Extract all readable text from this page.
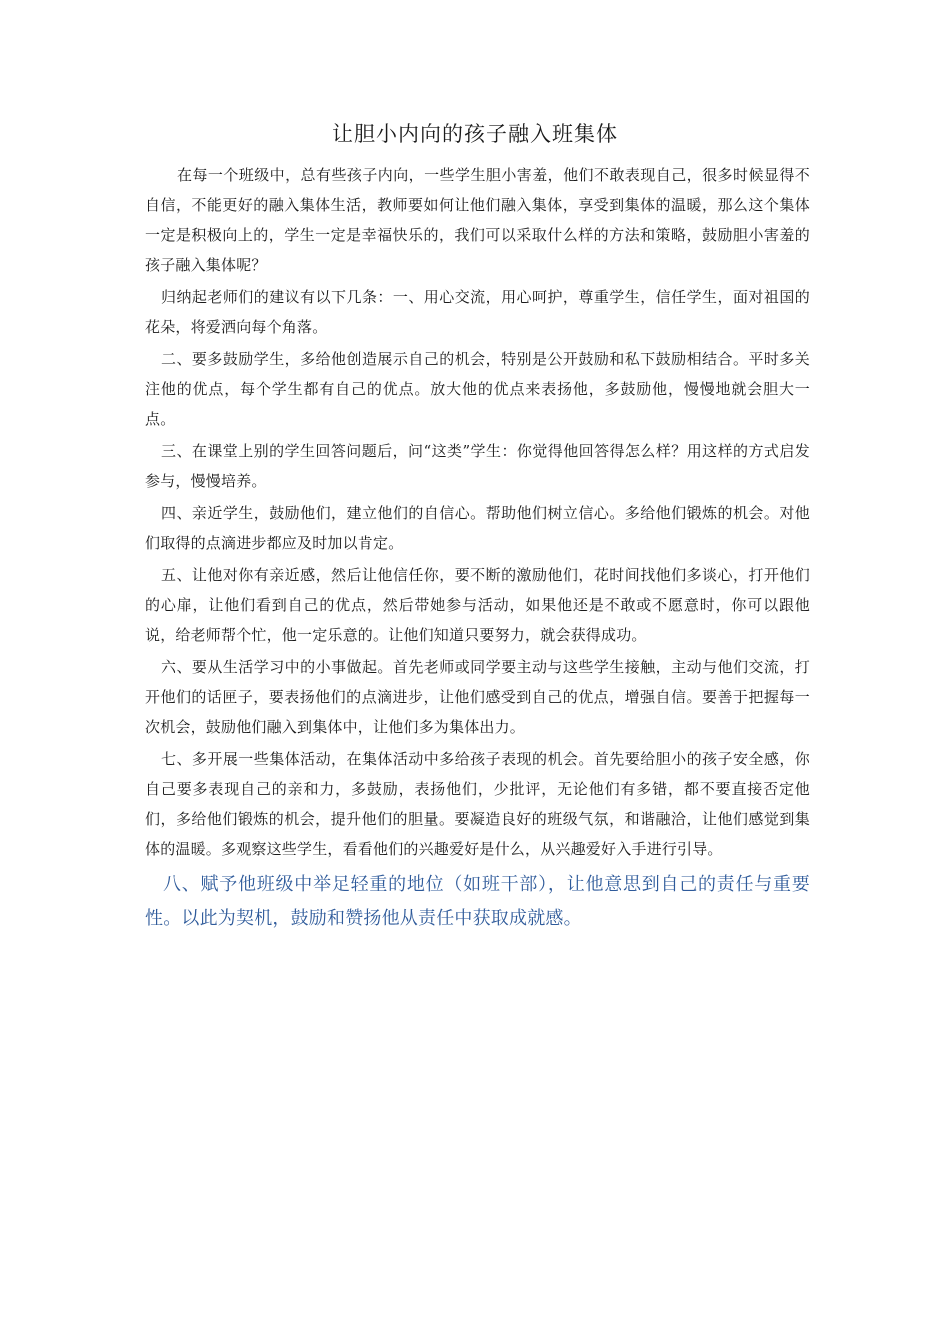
让胆小内向的孩子融入班集体

在每一个班级中，总有些孩子内向，一些学生胆小害羞，他们不敢表现自己，很多时候显得不自信，不能更好的融入集体生活，教师要如何让他们融入集体，享受到集体的温暖，那么这个集体一定是积极向上的，学生一定是幸福快乐的，我们可以采取什么样的方法和策略，鼓励胆小害羞的孩子融入集体呢？

归纳起老师们的建议有以下几条：一、用心交流，用心呵护，尊重学生，信任学生，面对祖国的花朵，将爱洒向每个角落。

二、要多鼓励学生，多给他创造展示自己的机会，特别是公开鼓励和私下鼓励相结合。平时多关注他的优点，每个学生都有自己的优点。放大他的优点来表扬他，多鼓励他，慢慢地就会胆大一点。

三、在课堂上别的学生回答问题后，问“这类”学生：你觉得他回答得怎么样？用这样的方式启发参与，慢慢培养。

四、亲近学生，鼓励他们，建立他们的自信心。帮助他们树立信心。多给他们锻炼的机会。对他们取得的点滴进步都应及时加以肯定。

五、让他对你有亲近感，然后让他信任你，要不断的激励他们，花时间找他们多谈心，打开他们的心扉，让他们看到自己的优点，然后带她参与活动，如果他还是不敢或不愿意时，你可以跟他说，给老师帮个忙，他一定乐意的。让他们知道只要努力，就会获得成功。

六、要从生活学习中的小事做起。首先老师或同学要主动与这些学生接触，主动与他们交流，打开他们的话匣子，要表扬他们的点滴进步，让他们感受到自己的优点，增强自信。要善于把握每一次机会，鼓励他们融入到集体中，让他们多为集体出力。

七、多开展一些集体活动，在集体活动中多给孩子表现的机会。首先要给胆小的孩子安全感，你自己要多表现自己的亲和力，多鼓励，表扬他们，少批评，无论他们有多错，都不要直接否定他们，多给他们锻炼的机会，提升他们的胆量。要凝造良好的班级气氛，和谐融洽，让他们感觉到集体的温暖。多观察这些学生，看看他们的兴趣爱好是什么，从兴趣爱好入手进行引导。

八、赋予他班级中举足轻重的地位（如班干部），让他意思到自己的责任与重要性。以此为契机，鼓励和赞扬他从责任中获取成就感。
